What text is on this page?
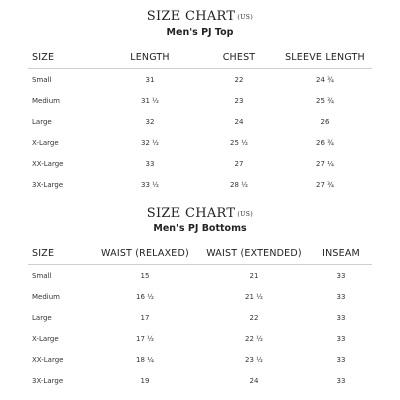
SIZE CHART (US)
Men's PJ Top
SIZE	LENGTH	CHEST	SLEEVE LENGTH
Small	31	22	24 ¾
Medium	31 ½	23	25 ¾
Large	32	24	26
X-Large	32 ½	25 ½	26 ¾
XX-Large	33	27	27 ¼
3X-Large	33 ½	28 ½	27 ¾
SIZE CHART (US)
Men's PJ Bottoms
SIZE	WAIST (RELAXED)	WAIST (EXTENDED)	INSEAM
Small	15	21	33
Medium	16 ½	21 ½	33
Large	17	22	33
X-Large	17 ½	22 ½	33
XX-Large	18 ¼	23 ½	33
3X-Large	19	24	33
